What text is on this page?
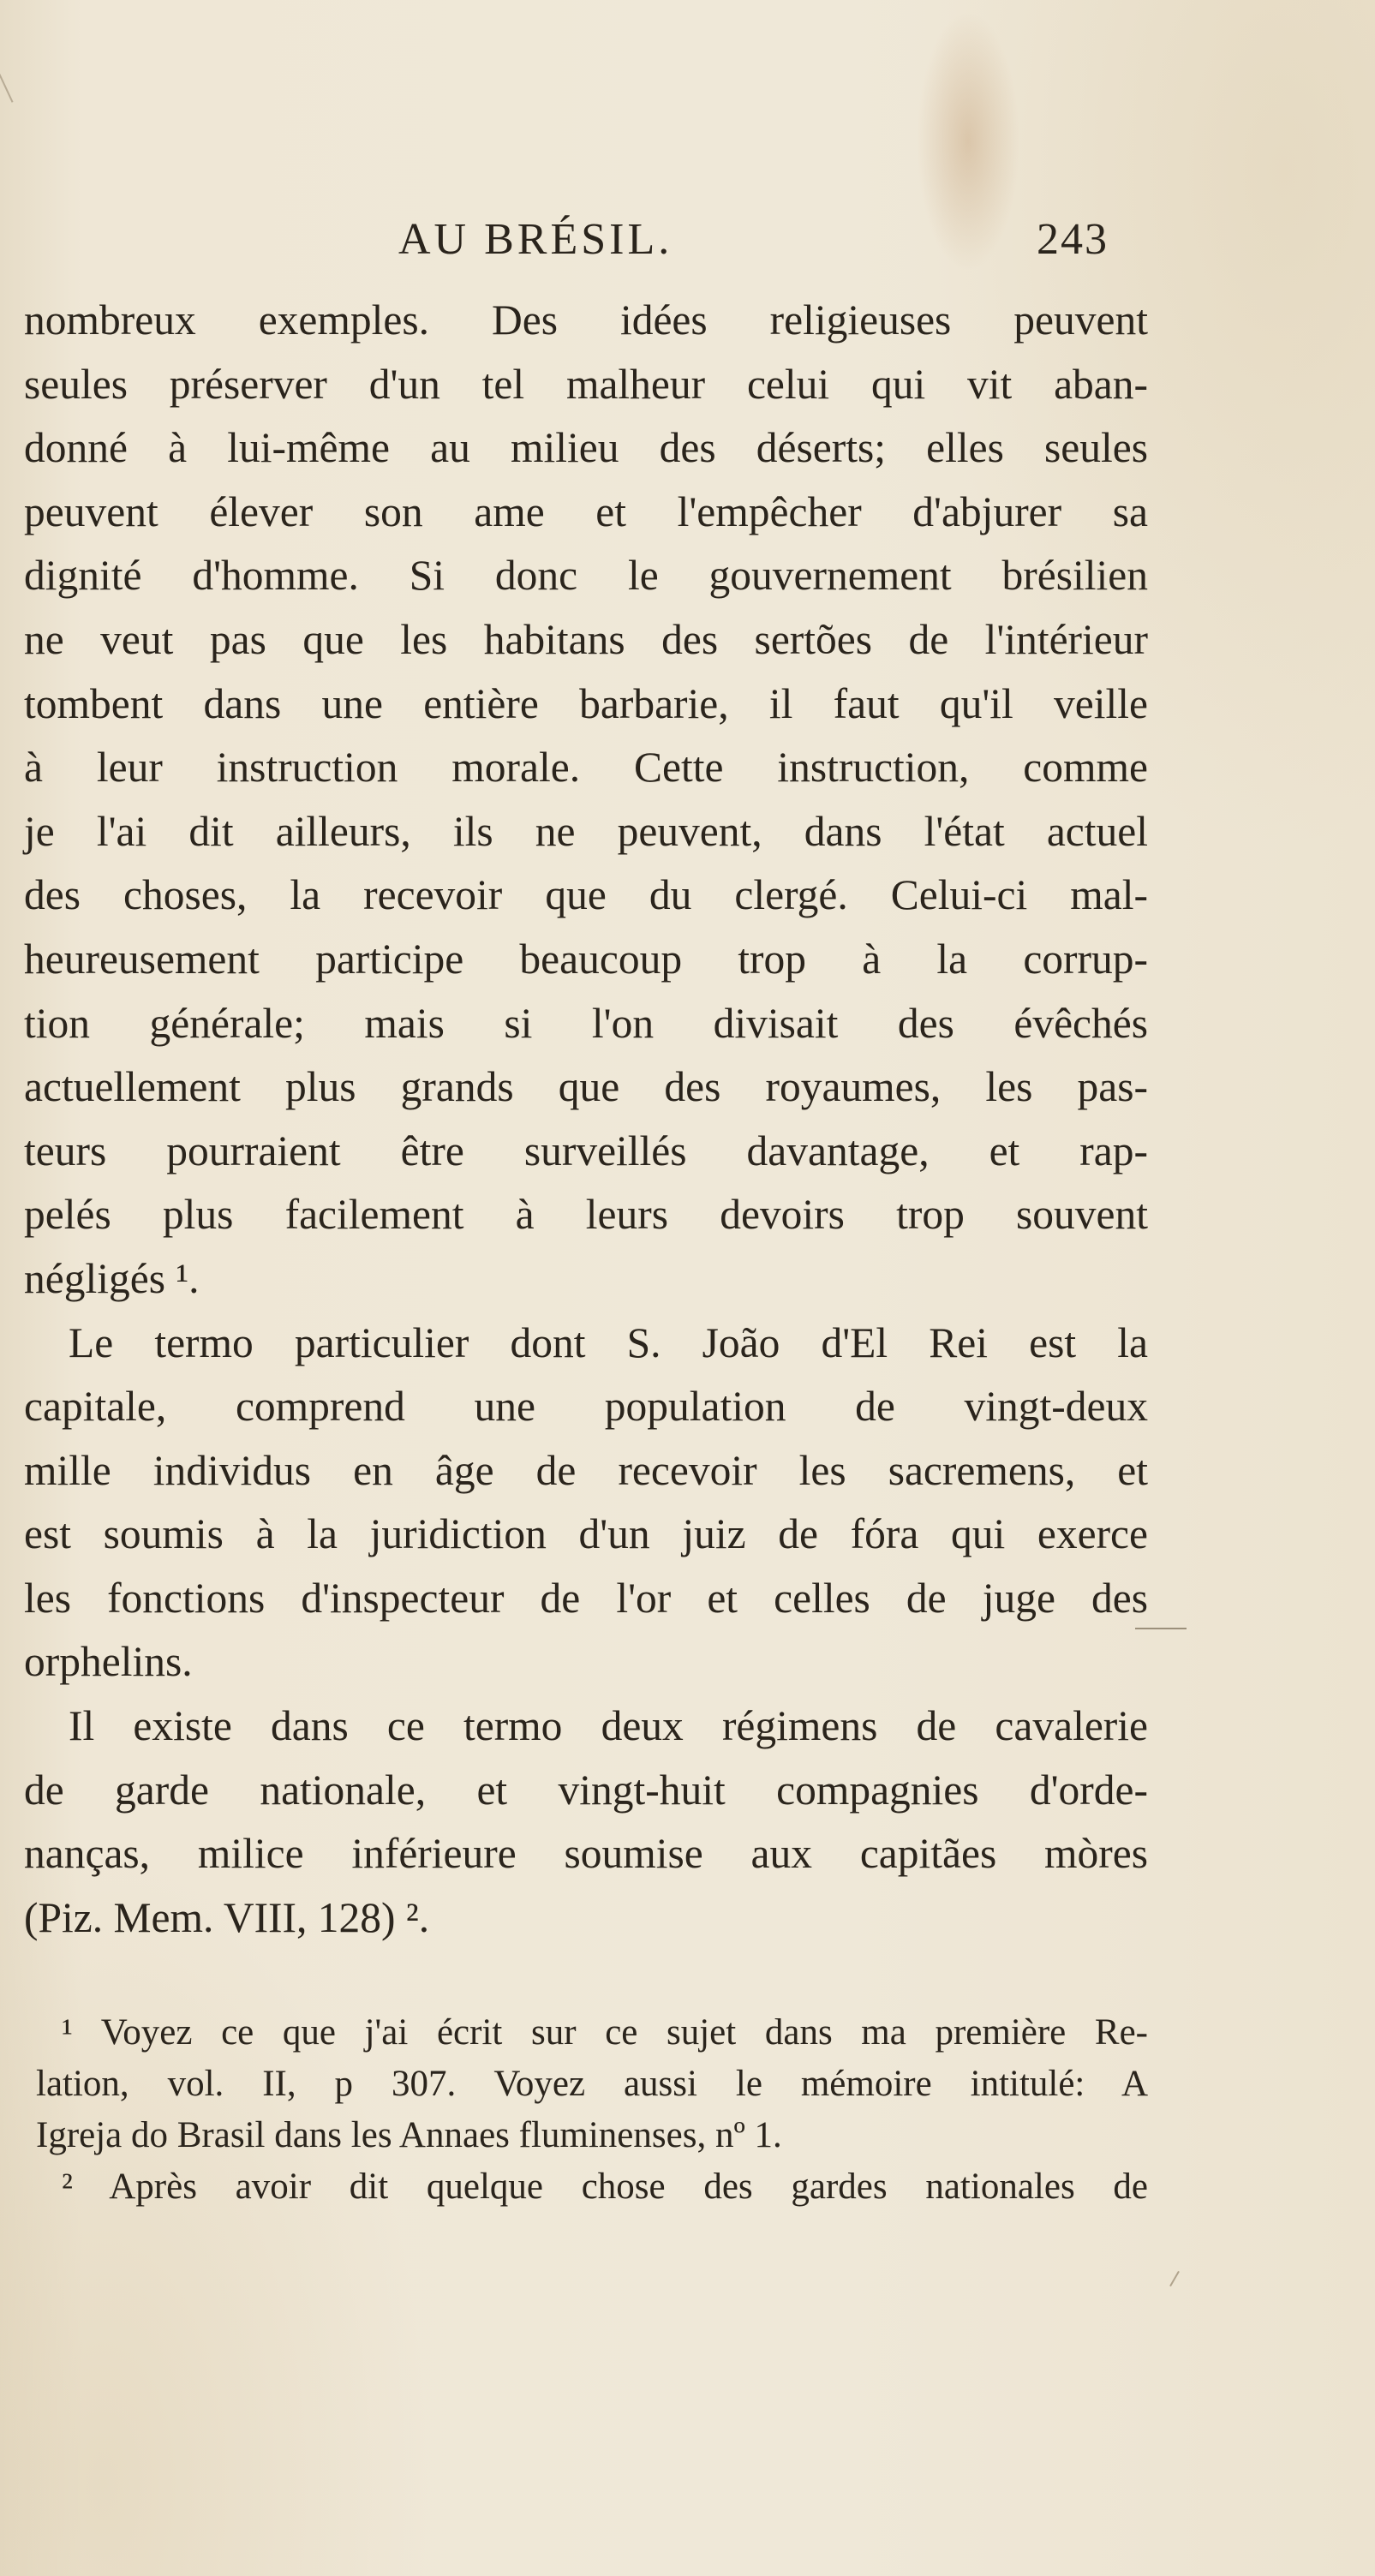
AU BRÉSIL.	243
nombreux exemples. Des idées religieuses peuvent
seules préserver d'un tel malheur celui qui vit aban-
donné à lui-même au milieu des déserts; elles seules
peuvent élever son ame et l'empêcher d'abjurer sa
dignité d'homme. Si donc le gouvernement brésilien
ne veut pas que les habitans des sertões de l'intérieur
tombent dans une entière barbarie, il faut qu'il veille
à leur instruction morale. Cette instruction, comme
je l'ai dit ailleurs, ils ne peuvent, dans l'état actuel
des choses, la recevoir que du clergé. Celui-ci mal-
heureusement participe beaucoup trop à la corrup-
tion générale; mais si l'on divisait des évêchés
actuellement plus grands que des royaumes, les pas-
teurs pourraient être surveillés davantage, et rap-
pelés plus facilement à leurs devoirs trop souvent
négligés ¹.
Le termo particulier dont S. João d'El Rei est la
capitale, comprend une population de vingt-deux
mille individus en âge de recevoir les sacremens, et
est soumis à la juridiction d'un juiz de fóra qui exerce
les fonctions d'inspecteur de l'or et celles de juge des
orphelins.
Il existe dans ce termo deux régimens de cavalerie
de garde nationale, et vingt-huit compagnies d'orde-
nanças, milice inférieure soumise aux capitães mòres
(Piz. Mem. VIII, 128) ².
¹ Voyez ce que j'ai écrit sur ce sujet dans ma première Re-
lation, vol. II, p 307. Voyez aussi le mémoire intitulé: A
Igreja do Brasil dans les Annaes fluminenses, nº 1.
² Après avoir dit quelque chose des gardes nationales de
